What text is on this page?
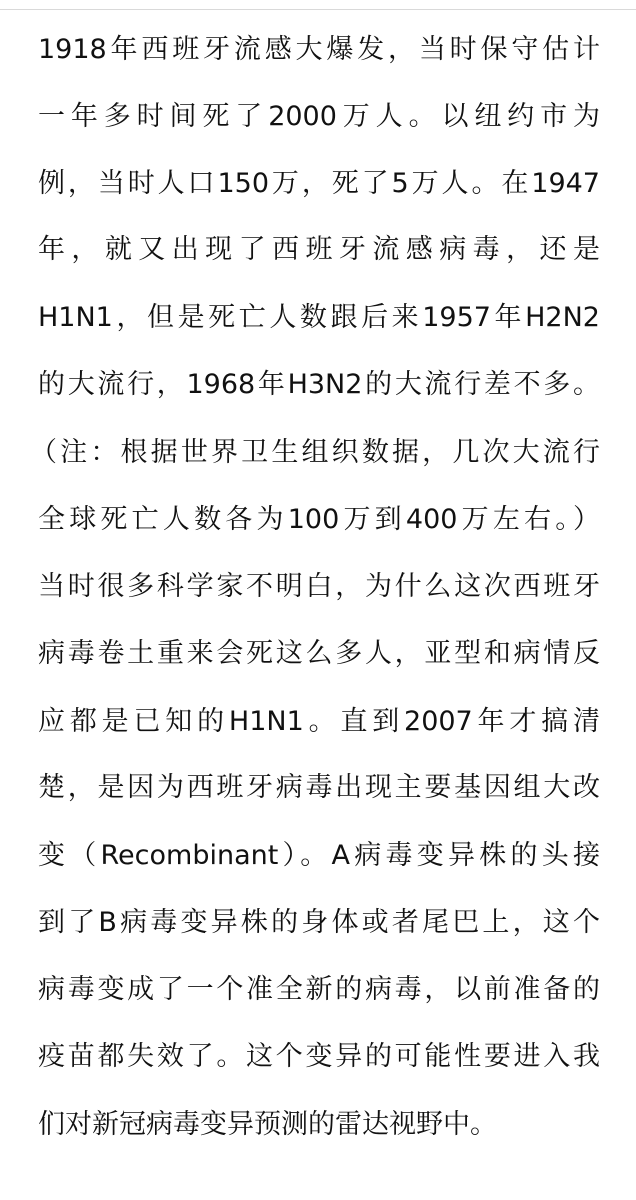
1918年西班牙流感大爆发，当时保守估计
一年多时间死了2000万人。以纽约市为
例，当时人口150万，死了5万人。在1947
年，就又出现了西班牙流感病毒，还是
H1N1，但是死亡人数跟后来1957年H2N2
的大流行，1968年H3N2的大流行差不多。
（注：根据世界卫生组织数据，几次大流行
全球死亡人数各为100万到400万左右。）
当时很多科学家不明白，为什么这次西班牙
病毒卷土重来会死这么多人，亚型和病情反
应都是已知的H1N1。直到2007年才搞清
楚，是因为西班牙病毒出现主要基因组大改
变（Recombinant）。A病毒变异株的头接
到了B病毒变异株的身体或者尾巴上，这个
病毒变成了一个准全新的病毒，以前准备的
疫苗都失效了。这个变异的可能性要进入我
们对新冠病毒变异预测的雷达视野中。
